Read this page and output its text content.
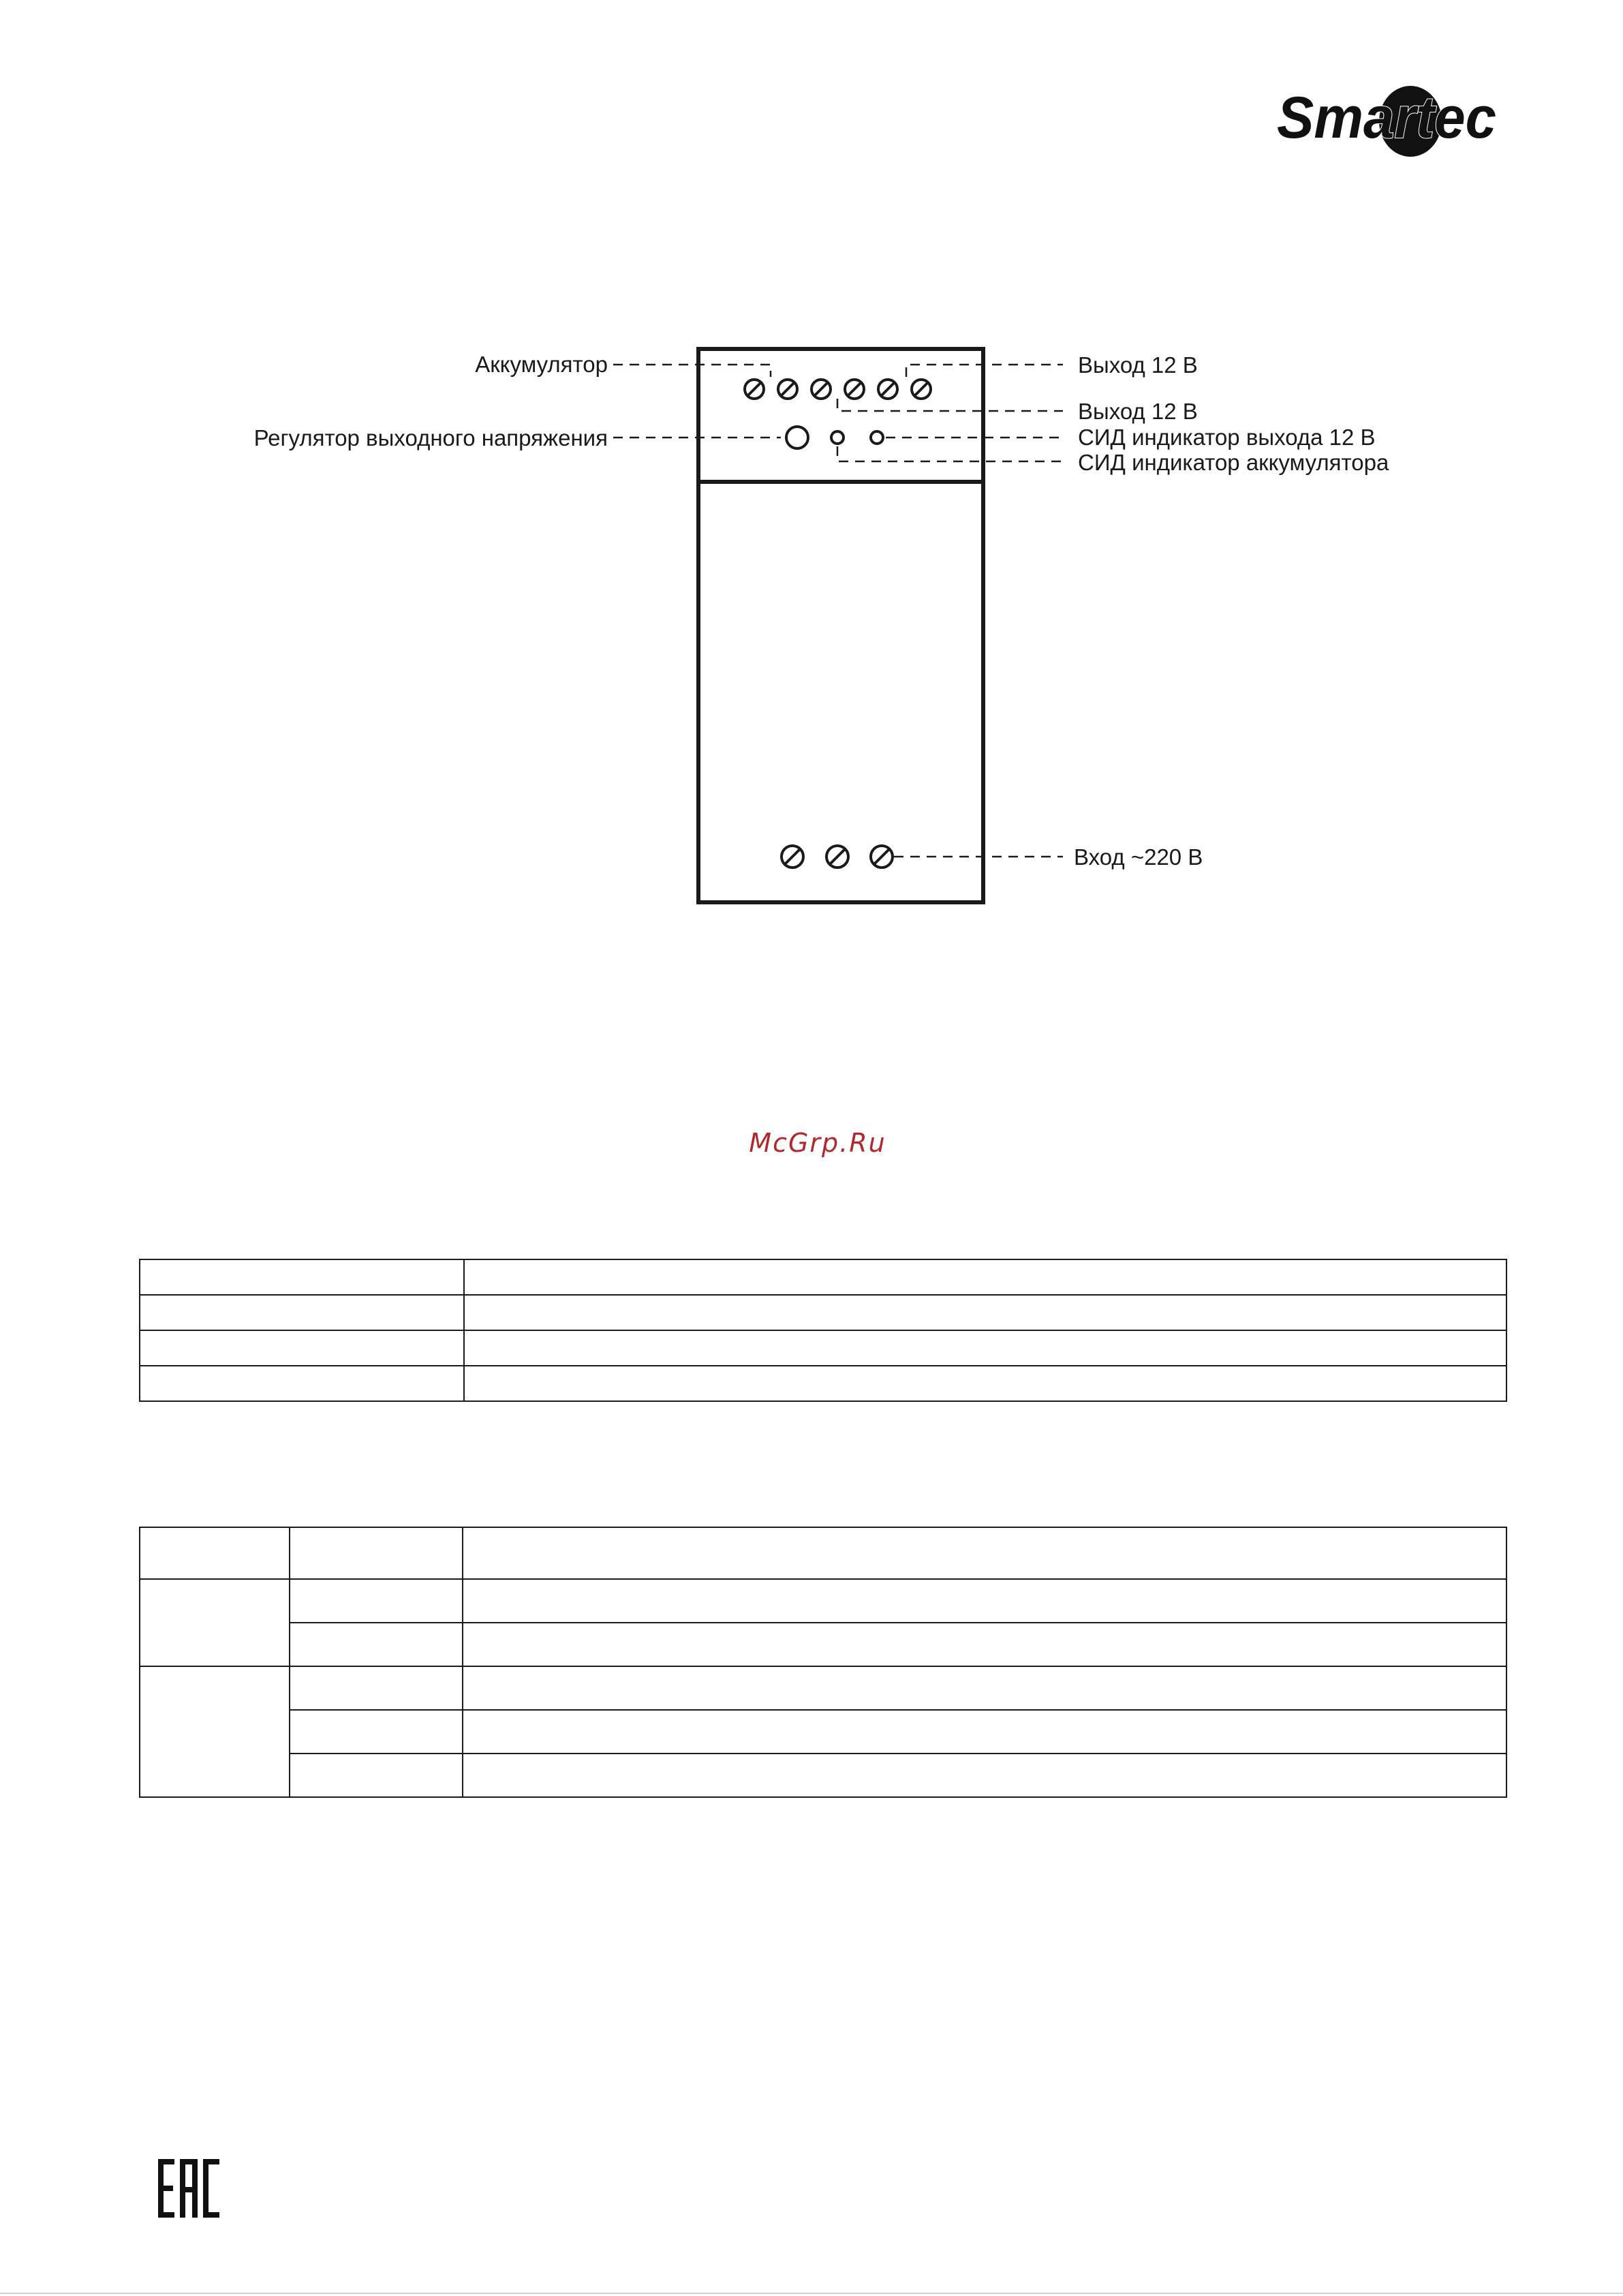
Smartec
Аккумулятор
Регулятор выходного напряжения
Выход 12 В
Выход 12 В
СИД индикатор выхода 12 В
СИД индикатор аккумулятора
Вход ~220 В
McGrp.Ru
